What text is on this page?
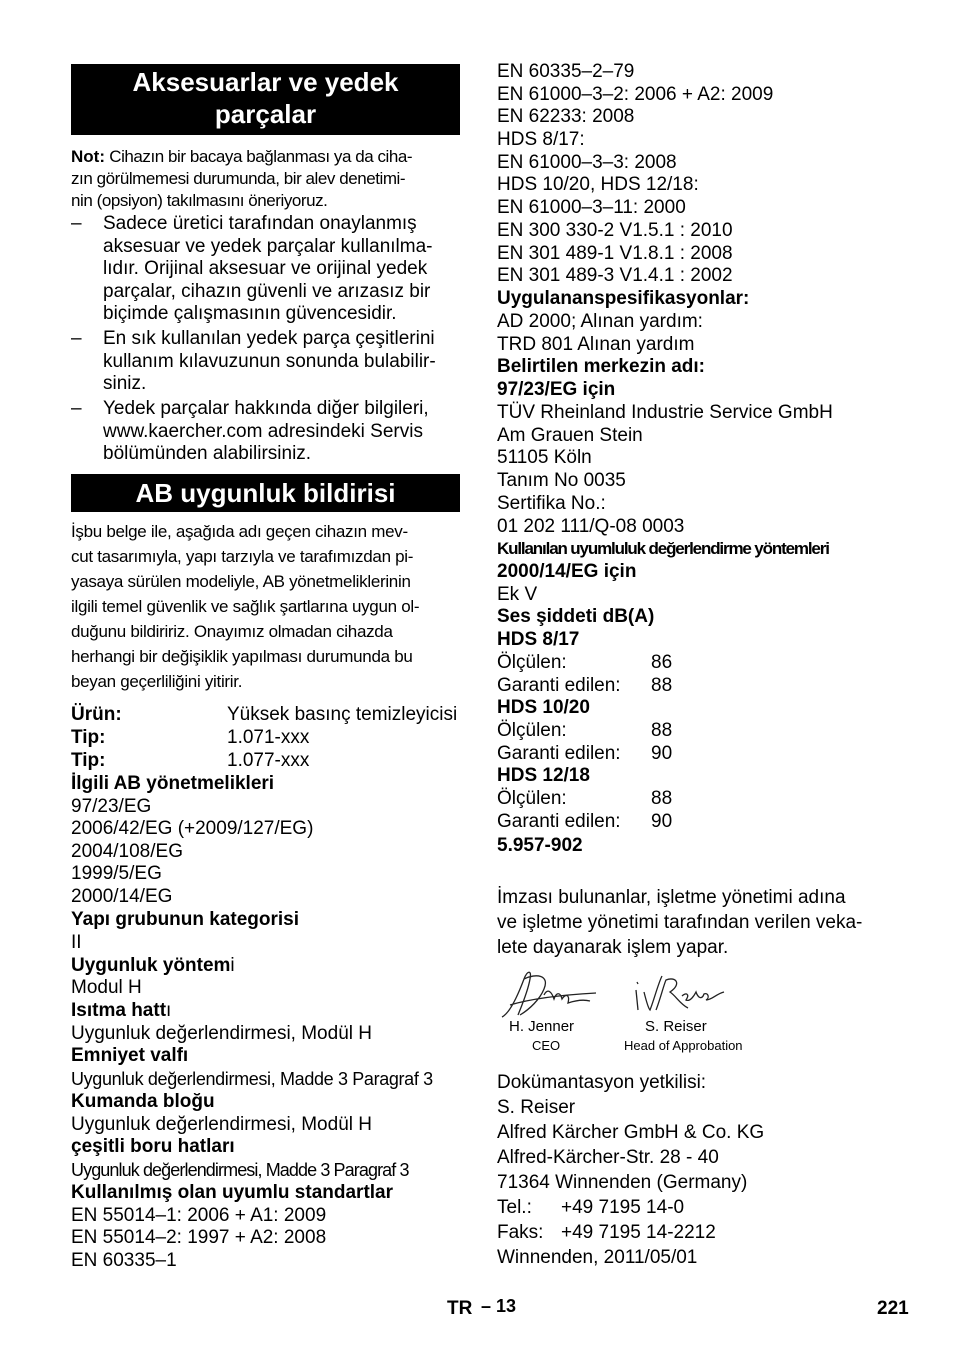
Aksesuarlar ve yedek
parçalar
Not: Cihazın bir bacaya bağlanması ya da ciha-
zın görülmemesi durumunda, bir alev denetimi-
nin (opsiyon) takılmasını öneriyoruz.
– Sadece üretici tarafından onaylanmış
aksesuar ve yedek parçalar kullanılma-
lıdır. Orijinal aksesuar ve orijinal yedek
parçalar, cihazın güvenli ve arızasız bir
biçimde çalışmasının güvencesidir.
– En sık kullanılan yedek parça çeşitlerini
kullanım kılavuzunun sonunda bulabilir-
siniz.
– Yedek parçalar hakkında diğer bilgileri,
www.kaercher.com adresindeki Servis
bölümünden alabilirsiniz.
AB uygunluk bildirisi
İşbu belge ile, aşağıda adı geçen cihazın mev-
cut tasarımıyla, yapı tarzıyla ve tarafımızdan pi-
yasaya sürülen modeliyle, AB yönetmeliklerinin
ilgili temel güvenlik ve sağlık şartlarına uygun ol-
duğunu bildiririz. Onayımız olmadan cihazda
herhangi bir değişiklik yapılması durumunda bu
beyan geçerliliğini yitirir.
Ürün:	Yüksek basınç temizleyicisi
Tip:	1.071-xxx
Tip:	1.077-xxx
İlgili AB yönetmelikleri
97/23/EG
2006/42/EG (+2009/127/EG)
2004/108/EG
1999/5/EG
2000/14/EG
Yapı grubunun kategorisi
II
Uygunluk yöntemi
Modul H
Isıtma hattı
Uygunluk değerlendirmesi, Modül H
Emniyet valfı
Uygunluk değerlendirmesi, Madde 3 Paragraf 3
Kumanda bloğu
Uygunluk değerlendirmesi, Modül H
çeşitli boru hatları
Uygunluk değerlendirmesi, Madde 3 Paragraf 3
Kullanılmış olan uyumlu standartlar
EN 55014–1: 2006 + A1: 2009
EN 55014–2: 1997 + A2: 2008
EN 60335–1
EN 60335–2–79
EN 61000–3–2: 2006 + A2: 2009
EN 62233: 2008
HDS 8/17:
EN 61000–3–3: 2008
HDS 10/20, HDS 12/18:
EN 61000–3–11: 2000
EN 300 330-2 V1.5.1 : 2010
EN 301 489-1 V1.8.1 : 2008
EN 301 489-3 V1.4.1 : 2002
Uygulananspesifikasyonlar:
AD 2000; Alınan yardım:
TRD 801 Alınan yardım
Belirtilen merkezin adı:
97/23/EG için
TÜV Rheinland Industrie Service GmbH
Am Grauen Stein
51105 Köln
Tanım No 0035
Sertifika No.:
01 202 111/Q-08 0003
Kullanılan uyumluluk değerlendirme yöntemleri
2000/14/EG için
Ek V
Ses şiddeti dB(A)
HDS 8/17
Ölçülen:	86
Garanti edilen: 88
HDS 10/20
Ölçülen:	88
Garanti edilen: 90
HDS 12/18
Ölçülen:	88
Garanti edilen: 90
5.957-902
İmzası bulunanlar, işletme yönetimi adına
ve işletme yönetimi tarafından verilen veka-
lete dayanarak işlem yapar.
H. Jenner
CEO
S. Reiser
Head of Approbation
Dokümantasyon yetkilisi:
S. Reiser
Alfred Kärcher GmbH & Co. KG
Alfred-Kärcher-Str. 28 - 40
71364 Winnenden (Germany)
Tel.: +49 7195 14-0
Faks: +49 7195 14-2212
Winnenden, 2011/05/01
TR – 13	221
